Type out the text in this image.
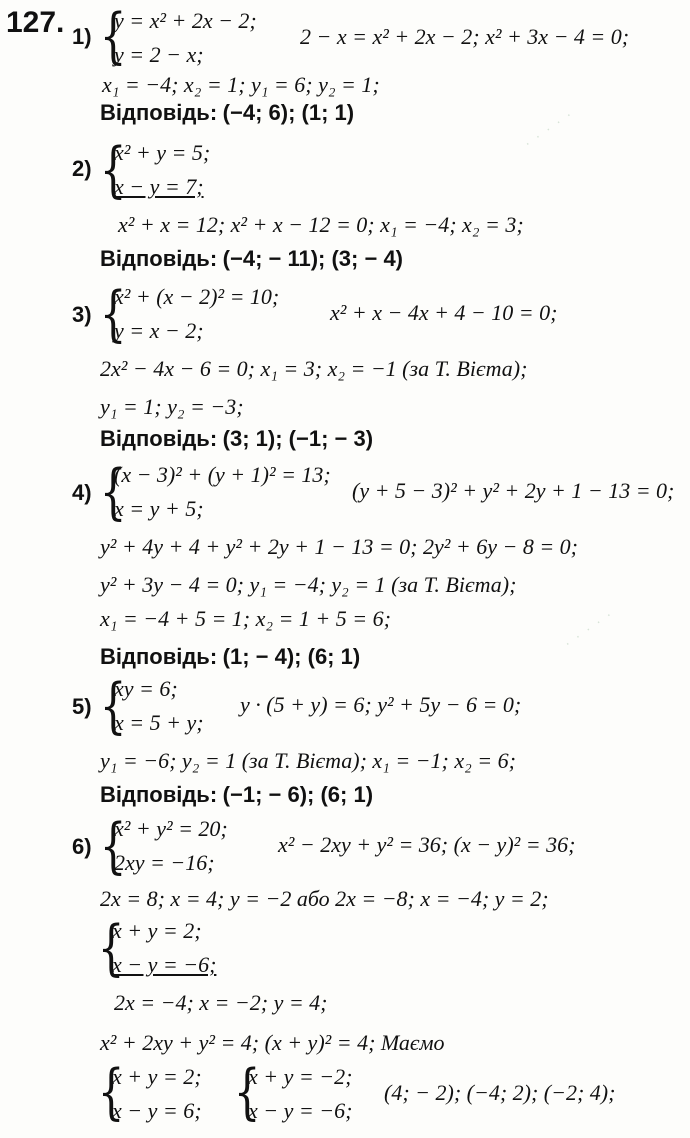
· · · · ·
· · · · ·
127. 1) {
y = x² + 2x − 2;
y = 2 − x;
2 − x = x² + 2x − 2; x² + 3x − 4 = 0;
x₁ = −4; x₂ = 1; y₁ = 6; y₂ = 1;
Відповідь: (−4; 6); (1; 1)
2) {
x² + y = 5;
x − y = 7;
x² + x = 12; x² + x − 12 = 0; x₁ = −4; x₂ = 3;
Відповідь: (−4; − 11); (3; − 4)
3) {
x² + (x − 2)² = 10;
y = x − 2;
x² + x − 4x + 4 − 10 = 0;
2x² − 4x − 6 = 0; x₁ = 3; x₂ = −1 (за Т. Вієта);
y₁ = 1; y₂ = −3;
Відповідь: (3; 1); (−1; − 3)
4) {
(x − 3)² + (y + 1)² = 13;
x = y + 5;
(y + 5 − 3)² + y² + 2y + 1 − 13 = 0;
y² + 4y + 4 + y² + 2y + 1 − 13 = 0; 2y² + 6y − 8 = 0;
y² + 3y − 4 = 0; y₁ = −4; y₂ = 1 (за Т. Вієта);
x₁ = −4 + 5 = 1; x₂ = 1 + 5 = 6;
Відповідь: (1; − 4); (6; 1)
5) {
xy = 6;
x = 5 + y;
y · (5 + y) = 6; y² + 5y − 6 = 0;
y₁ = −6; y₂ = 1 (за Т. Вієта); x₁ = −1; x₂ = 6;
Відповідь: (−1; − 6); (6; 1)
6) {
x² + y² = 20;
2xy = −16;
x² − 2xy + y² = 36; (x − y)² = 36;
2x = 8; x = 4; y = −2 або 2x = −8; x = −4; y = 2;
{
x + y = 2;
x − y = −6;
2x = −4; x = −2; y = 4;
x² + 2xy + y² = 4; (x + y)² = 4; Маємо
{
x + y = 2;
x − y = 6; {
x + y = −2;
x − y = −6;
(4; − 2); (−4; 2); (−2; 4);
